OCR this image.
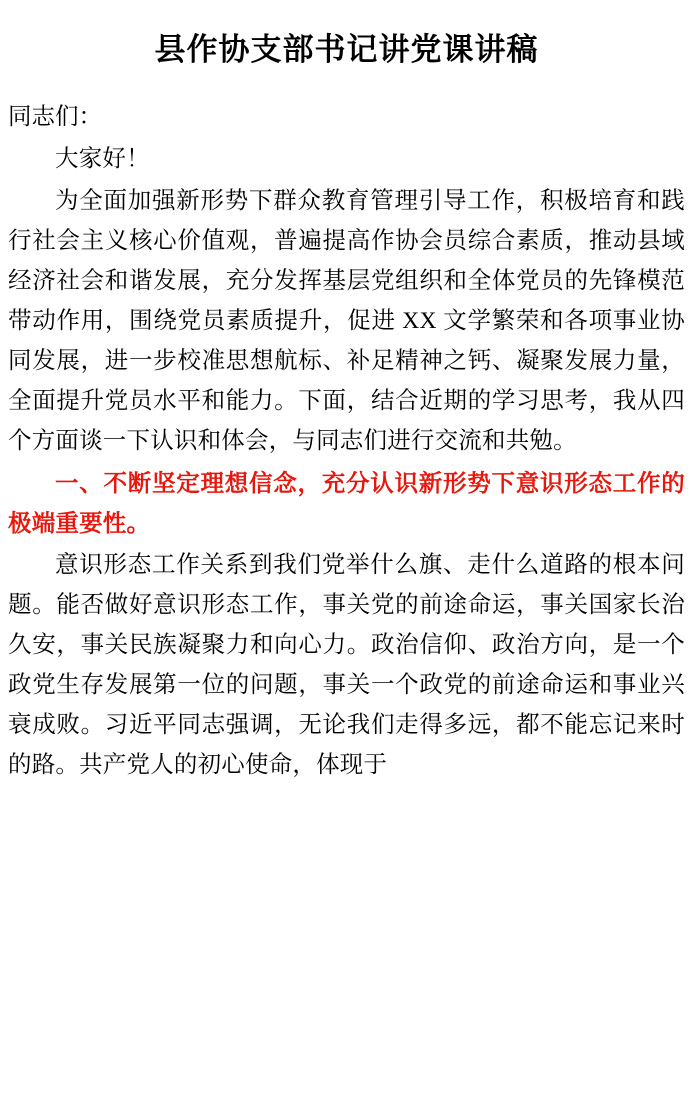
县作协支部书记讲党课讲稿

同志们：

大家好！

为全面加强新形势下群众教育管理引导工作，积极培育和践行社会主义核心价值观，普遍提高作协会员综合素质，推动县域经济社会和谐发展，充分发挥基层党组织和全体党员的先锋模范带动作用，围绕党员素质提升，促进 XX 文学繁荣和各项事业协同发展，进一步校准思想航标、补足精神之钙、凝聚发展力量，全面提升党员水平和能力。下面，结合近期的学习思考，我从四个方面谈一下认识和体会，与同志们进行交流和共勉。

一、不断坚定理想信念，充分认识新形势下意识形态工作的极端重要性。

意识形态工作关系到我们党举什么旗、走什么道路的根本问题。能否做好意识形态工作，事关党的前途命运，事关国家长治久安，事关民族凝聚力和向心力。政治信仰、政治方向，是一个政党生存发展第一位的问题，事关一个政党的前途命运和事业兴衰成败。习近平同志强调，无论我们走得多远，都不能忘记来时的路。共产党人的初心使命，体现于
